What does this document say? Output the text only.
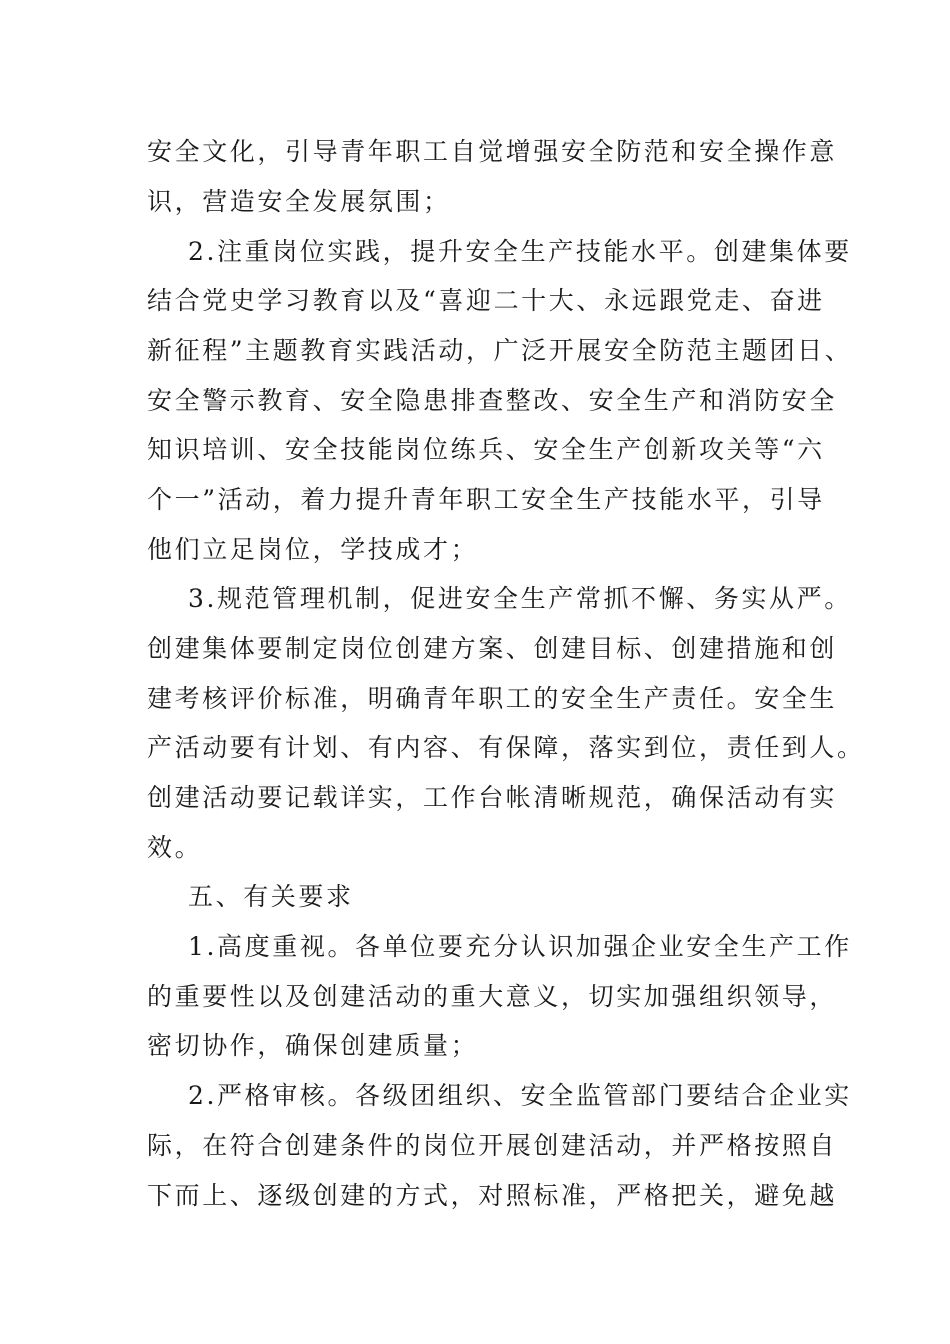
安全文化，引导青年职工自觉增强安全防范和安全操作意

识，营造安全发展氛围；

2.注重岗位实践，提升安全生产技能水平。创建集体要

结合党史学习教育以及“喜迎二十大、永远跟党走、奋进

新征程”主题教育实践活动，广泛开展安全防范主题团日、

安全警示教育、安全隐患排查整改、安全生产和消防安全

知识培训、安全技能岗位练兵、安全生产创新攻关等“六

个一”活动，着力提升青年职工安全生产技能水平，引导

他们立足岗位，学技成才；

3.规范管理机制，促进安全生产常抓不懈、务实从严。

创建集体要制定岗位创建方案、创建目标、创建措施和创

建考核评价标准，明确青年职工的安全生产责任。安全生

产活动要有计划、有内容、有保障，落实到位，责任到人。

创建活动要记载详实，工作台帐清晰规范，确保活动有实

效。

五、有关要求

1.高度重视。各单位要充分认识加强企业安全生产工作

的重要性以及创建活动的重大意义，切实加强组织领导，

密切协作，确保创建质量；

2.严格审核。各级团组织、安全监管部门要结合企业实

际，在符合创建条件的岗位开展创建活动，并严格按照自

下而上、逐级创建的方式，对照标准，严格把关，避免越
